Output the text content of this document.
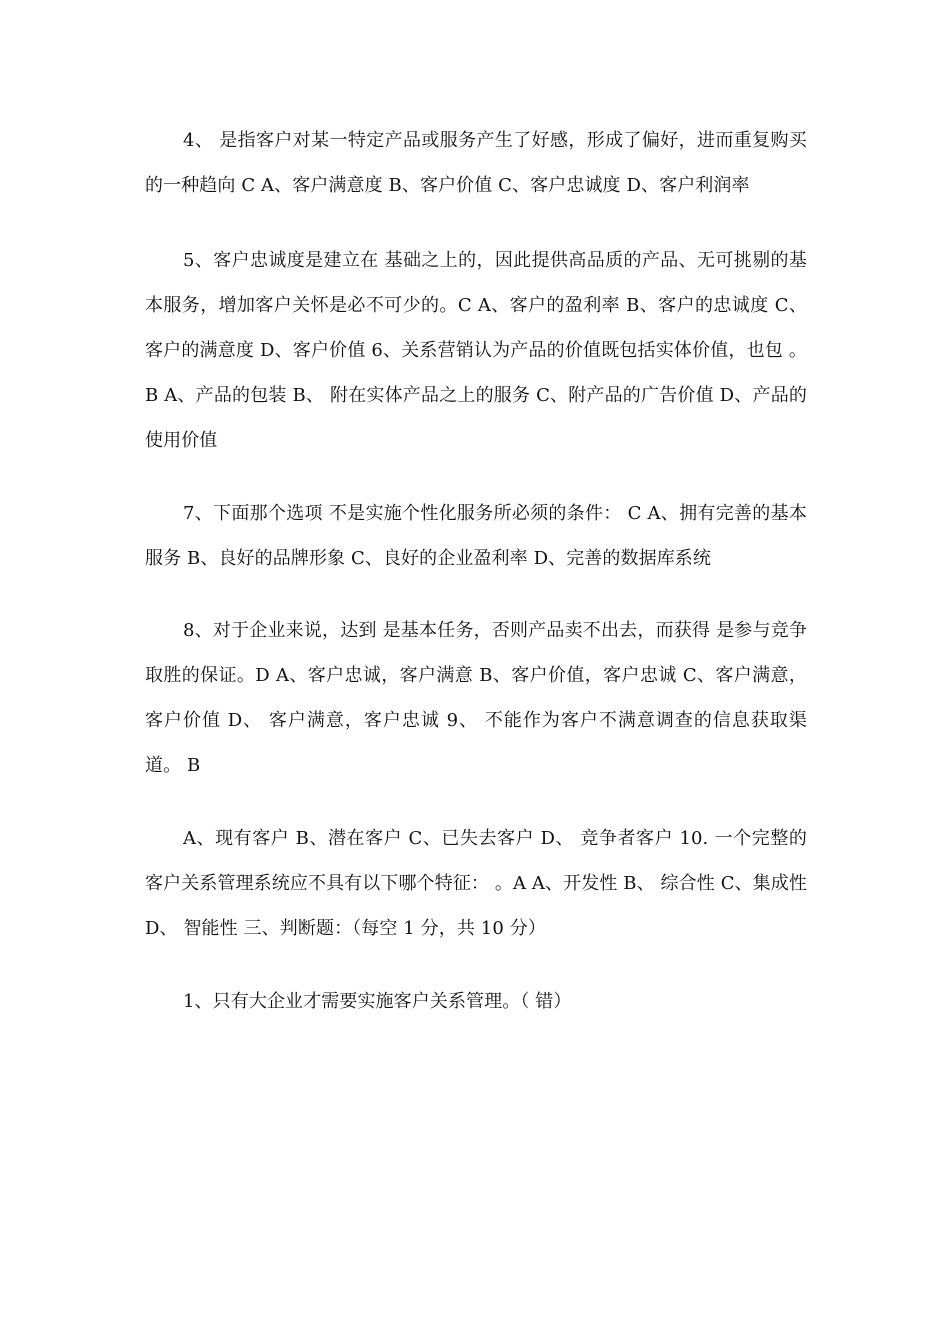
4、 是指客户对某一特定产品或服务产生了好感，形成了偏好，进而重复购买的一种趋向 C A、客户满意度 B、客户价值 C、客户忠诚度 D、客户利润率

5、客户忠诚度是建立在 基础之上的，因此提供高品质的产品、无可挑剔的基本服务，增加客户关怀是必不可少的。C A、客户的盈利率 B、客户的忠诚度 C、客户的满意度 D、客户价值 6、关系营销认为产品的价值既包括实体价值，也包 。B A、产品的包装 B、 附在实体产品之上的服务 C、附产品的广告价值 D、产品的使用价值

7、下面那个选项 不是实施个性化服务所必须的条件： C A、拥有完善的基本服务 B、良好的品牌形象 C、良好的企业盈利率 D、完善的数据库系统

8、对于企业来说，达到 是基本任务，否则产品卖不出去，而获得 是参与竞争取胜的保证。D A、客户忠诚，客户满意 B、客户价值，客户忠诚 C、客户满意，客户价值 D、 客户满意，客户忠诚 9、 不能作为客户不满意调查的信息获取渠道。 B

A、现有客户 B、潜在客户 C、已失去客户 D、 竞争者客户 10. 一个完整的客户关系管理系统应不具有以下哪个特征： 。A A、开发性 B、 综合性 C、集成性 D、 智能性 三、判断题：（每空 1 分，共 10 分）

1、只有大企业才需要实施客户关系管理。（ 错）
